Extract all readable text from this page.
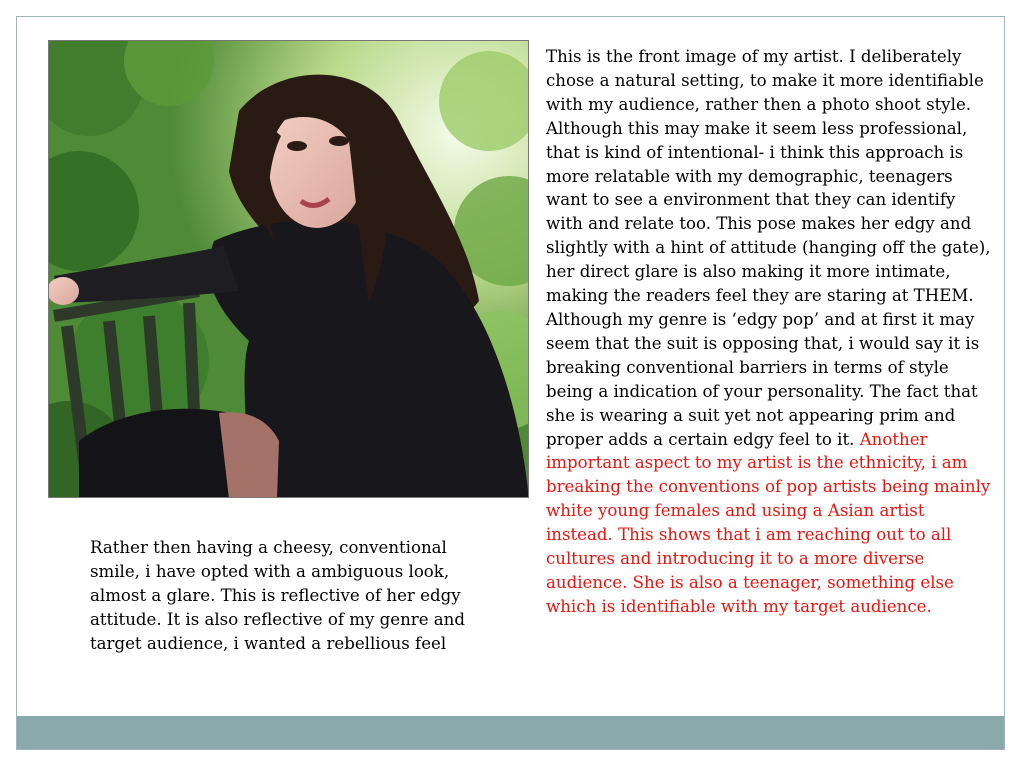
This is the front image of my artist. I deliberately chose a natural setting, to make it more identifiable with my audience, rather then a photo shoot style. Although this may make it seem less professional, that is kind of intentional- i think this approach is more relatable with my demographic, teenagers want to see a environment that they can identify with and relate too. This pose makes her edgy and slightly with a hint of attitude (hanging off the gate), her direct glare is also making it more intimate, making the readers feel they are staring at THEM. Although my genre is ‘edgy pop’ and at first it may seem that the suit is opposing that, i would say it is breaking conventional barriers in terms of style being a indication of your personality. The fact that she is wearing a suit yet not appearing prim and proper adds a certain edgy feel to it. Another important aspect to my artist is the ethnicity, i am breaking the conventions of pop artists being mainly white young females and using a Asian artist instead. This shows that i am reaching out to all cultures and introducing it to a more diverse audience. She is also a teenager, something else which is identifiable with my target audience.

Rather then having a cheesy, conventional smile, i have opted with a ambiguous look, almost a glare. This is reflective of her edgy attitude. It is also reflective of my genre and target audience, i wanted a rebellious feel
